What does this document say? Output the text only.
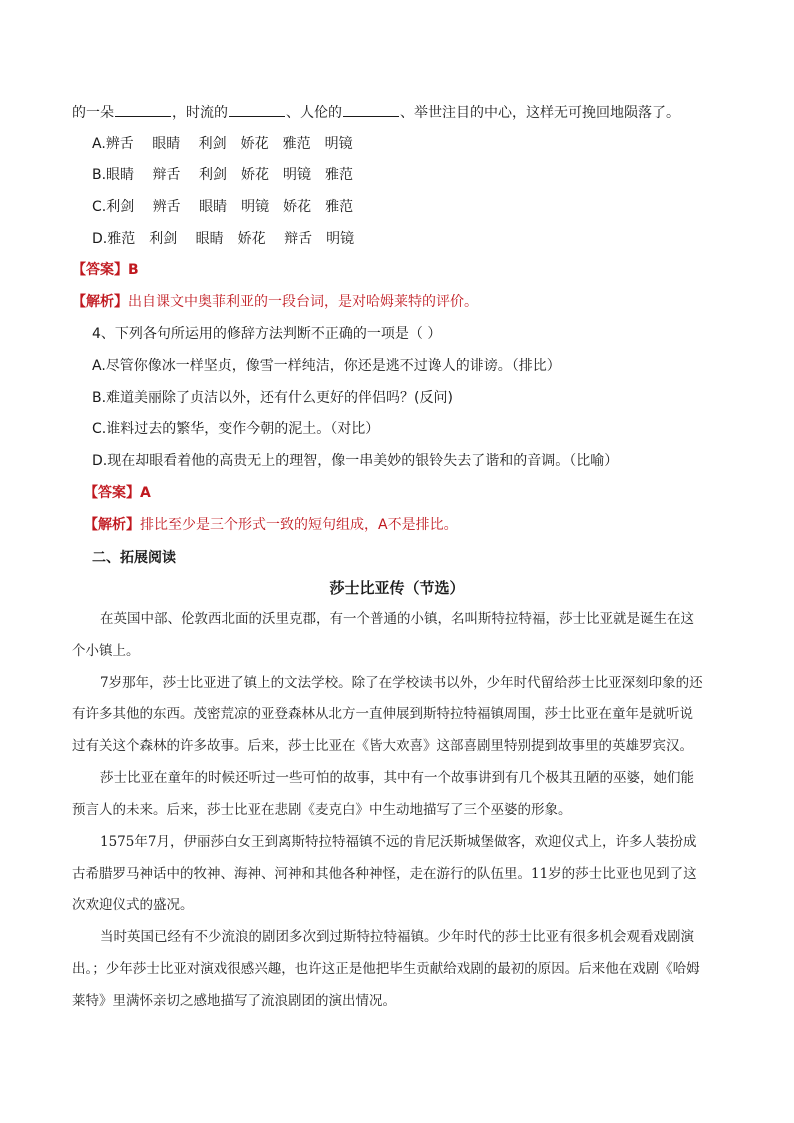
的一朵	，时流的	、人伦的	、举世注目的中心，这样无可挽回地陨落了。
A.辨舌　 眼睛　 利剑　娇花　雅范　明镜
B.眼睛　 辩舌　 利剑　娇花　明镜　雅范
C.利剑　 辨舌　 眼睛　明镜　娇花　雅范
D.雅范　利剑　 眼睛　娇花　 辩舌　明镜
【答案】B
【解析】出自课文中奥菲利亚的一段台词，是对哈姆莱特的评价。
4、下列各句所运用的修辞方法判断不正确的一项是（ ）
A.尽管你像冰一样坚贞，像雪一样纯洁，你还是逃不过谗人的诽谤。（排比）
B.难道美丽除了贞洁以外，还有什么更好的伴侣吗？(反问)
C.谁料过去的繁华，变作今朝的泥土。（对比）
D.现在却眼看着他的高贵无上的理智，像一串美妙的银铃失去了谐和的音调。（比喻）
【答案】A
【解析】排比至少是三个形式一致的短句组成，A不是排比。
二、拓展阅读
莎士比亚传（节选）
在英国中部、伦敦西北面的沃里克郡，有一个普通的小镇，名叫斯特拉特福，莎士比亚就是诞生在这
个小镇上。
7岁那年，莎士比亚进了镇上的文法学校。除了在学校读书以外，少年时代留给莎士比亚深刻印象的还
有许多其他的东西。茂密荒凉的亚登森林从北方一直伸展到斯特拉特福镇周围，莎士比亚在童年是就听说
过有关这个森林的许多故事。后来，莎士比亚在《皆大欢喜》这部喜剧里特别提到故事里的英雄罗宾汉。
莎士比亚在童年的时候还听过一些可怕的故事，其中有一个故事讲到有几个极其丑陋的巫婆，她们能
预言人的未来。后来，莎士比亚在悲剧《麦克白》中生动地描写了三个巫婆的形象。
1575年7月，伊丽莎白女王到离斯特拉特福镇不远的肯尼沃斯城堡做客，欢迎仪式上，许多人装扮成
古希腊罗马神话中的牧神、海神、河神和其他各种神怪，走在游行的队伍里。11岁的莎士比亚也见到了这
次欢迎仪式的盛况。
当时英国已经有不少流浪的剧团多次到过斯特拉特福镇。少年时代的莎士比亚有很多机会观看戏剧演
出。；少年莎士比亚对演戏很感兴趣，也许这正是他把毕生贡献给戏剧的最初的原因。后来他在戏剧《哈姆
莱特》里满怀亲切之感地描写了流浪剧团的演出情况。
